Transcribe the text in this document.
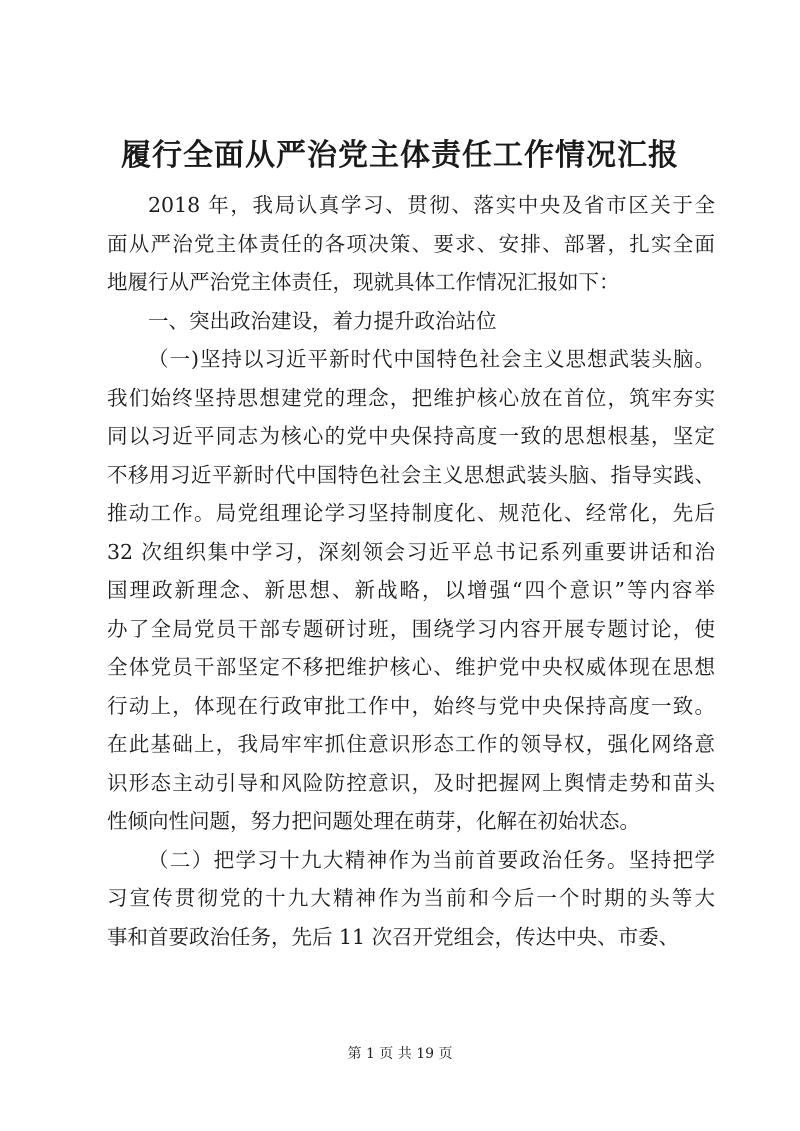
履行全面从严治党主体责任工作情况汇报
2018 年，我局认真学习、贯彻、落实中央及省市区关于全
面从严治党主体责任的各项决策、要求、安排、部署，扎实全面
地履行从严治党主体责任，现就具体工作情况汇报如下：
一、突出政治建设，着力提升政治站位
（一)坚持以习近平新时代中国特色社会主义思想武装头脑。
我们始终坚持思想建党的理念，把维护核心放在首位，筑牢夯实
同以习近平同志为核心的党中央保持高度一致的思想根基，坚定
不移用习近平新时代中国特色社会主义思想武装头脑、指导实践、
推动工作。局党组理论学习坚持制度化、规范化、经常化，先后
32 次组织集中学习，深刻领会习近平总书记系列重要讲话和治
国理政新理念、新思想、新战略，以增强“四个意识”等内容举
办了全局党员干部专题研讨班，围绕学习内容开展专题讨论，使
全体党员干部坚定不移把维护核心、维护党中央权威体现在思想
行动上，体现在行政审批工作中，始终与党中央保持高度一致。
在此基础上，我局牢牢抓住意识形态工作的领导权，强化网络意
识形态主动引导和风险防控意识，及时把握网上舆情走势和苗头
性倾向性问题，努力把问题处理在萌芽，化解在初始状态。
（二）把学习十九大精神作为当前首要政治任务。坚持把学
习宣传贯彻党的十九大精神作为当前和今后一个时期的头等大
事和首要政治任务，先后 11 次召开党组会，传达中央、市委、
第 1 页 共 19 页
